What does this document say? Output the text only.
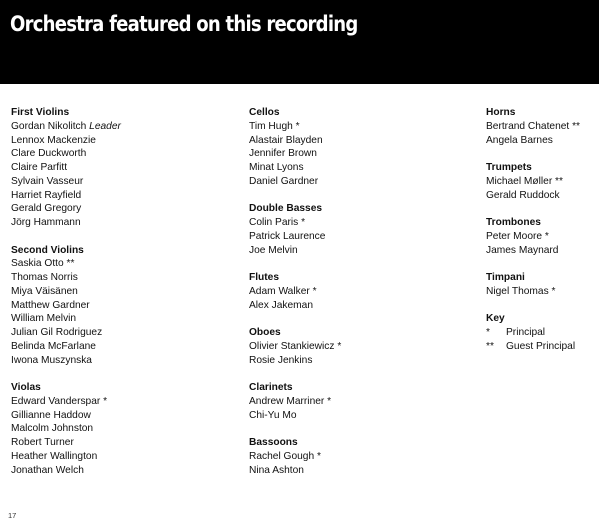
Orchestra featured on this recording
First Violins
Gordan Nikolitch Leader
Lennox Mackenzie
Clare Duckworth
Claire Parfitt
Sylvain Vasseur
Harriet Rayfield
Gerald Gregory
Jörg Hammann
Second Violins
Saskia Otto **
Thomas Norris
Miya Väisänen
Matthew Gardner
William Melvin
Julian Gil Rodriguez
Belinda McFarlane
Iwona Muszynska
Violas
Edward Vanderspar *
Gillianne Haddow
Malcolm Johnston
Robert Turner
Heather Wallington
Jonathan Welch
Cellos
Tim Hugh *
Alastair Blayden
Jennifer Brown
Minat Lyons
Daniel Gardner
Double Basses
Colin Paris *
Patrick Laurence
Joe Melvin
Flutes
Adam Walker *
Alex Jakeman
Oboes
Olivier Stankiewicz *
Rosie Jenkins
Clarinets
Andrew Marriner *
Chi-Yu Mo
Bassoons
Rachel Gough *
Nina Ashton
Horns
Bertrand Chatenet **
Angela Barnes
Trumpets
Michael Møller **
Gerald Ruddock
Trombones
Peter Moore *
James Maynard
Timpani
Nigel Thomas *
Key
*	Principal
**	Guest Principal
17
